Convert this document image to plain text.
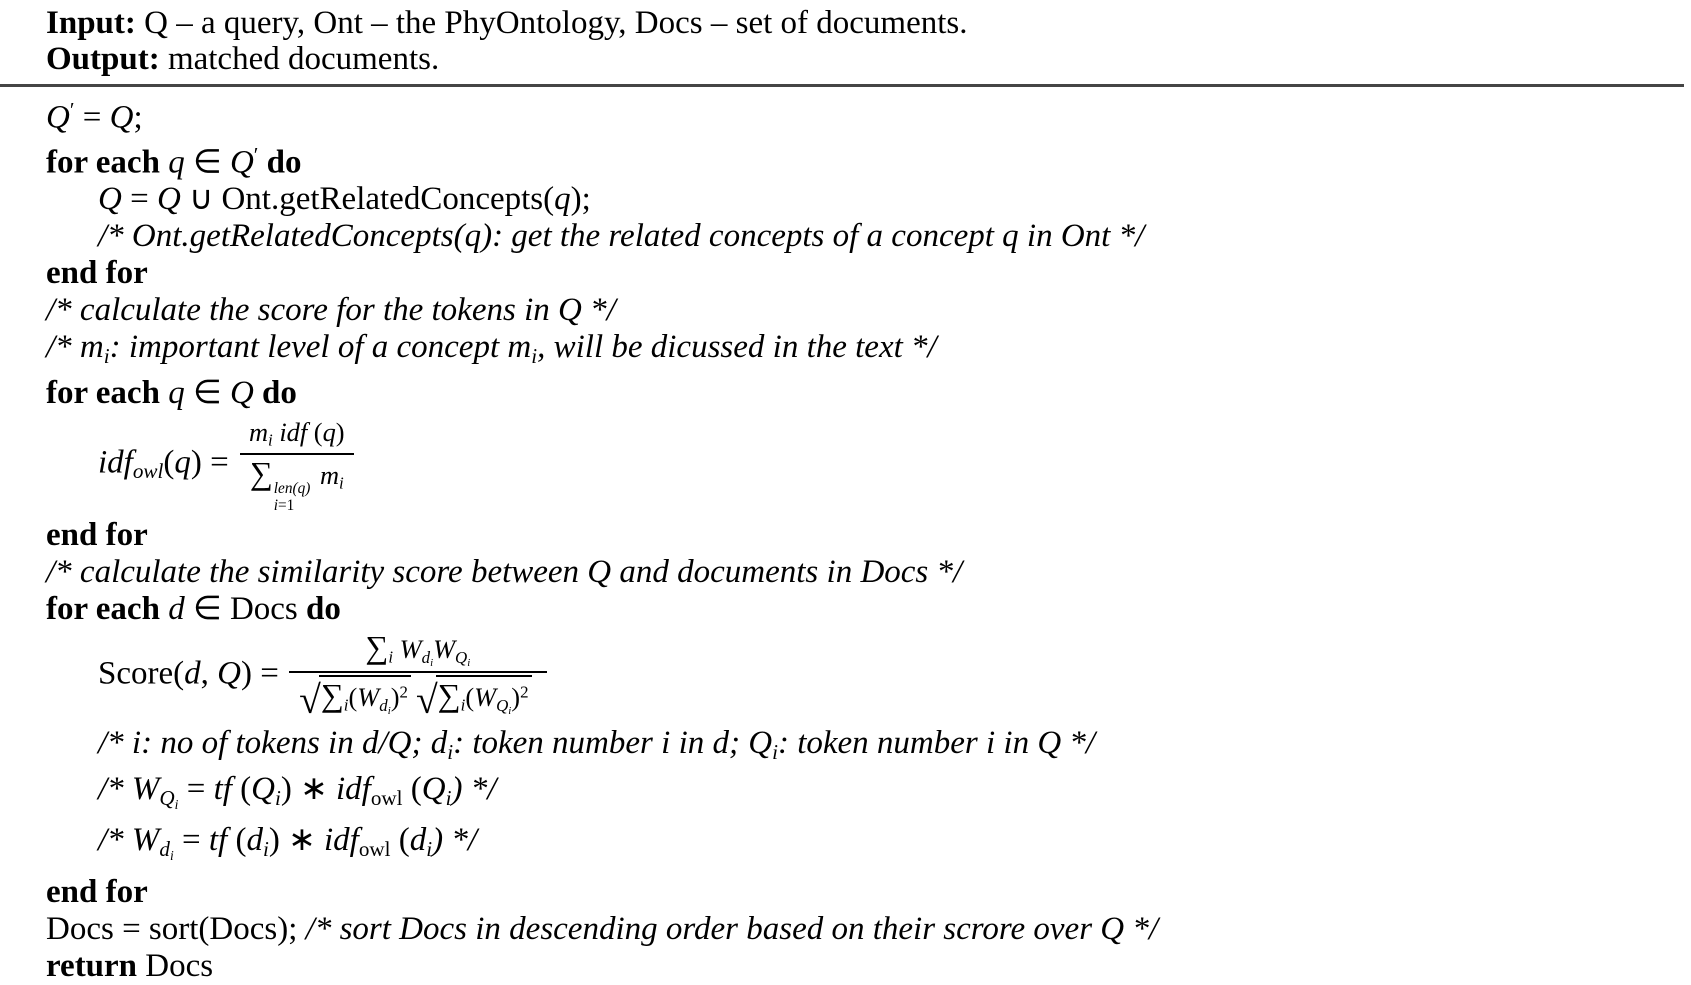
Input: Q – a query, Ont – the PhyOntology, Docs – set of documents.
Output: matched documents.
Q′ = Q;
for each q ∈ Q′ do
Q = Q ∪ Ont.getRelatedConcepts(q);
/* Ont.getRelatedConcepts(q): get the related concepts of a concept q in Ont */
end for
/* calculate the score for the tokens in Q */
/* $m_i$: important level of a concept $m_i$, will be dicussed in the text */
for each q ∈ Q do
$idf_{owl}(q) = m_i$ idf (q)
∑ len(q)
i=1
$m_i$
end for
/* calculate the similarity score between Q and documents in Docs */
for each d ∈ Docs do
Score(d, $Q) = \frac{\sum_i W_{d_i}W_{Q_i}}{√ \sum_i(W_{d_i})^2 √ \sum_i(W_{Q_i})^2}$
/* i: no of tokens in d/Q; $d_i$: token number i in d; $Q_i$: token number i in Q */
/* $W_{Q_i}$ = tf $(Q_i)$ ∗ idf$_{owl}$ $(Q_i)$ */
/* $W_{d_i}$ = tf $(d_i)$ ∗ idf$_{owl}$ $(d_i)$ */
end for
Docs = sort(Docs); /* sort Docs in descending order based on their scrore over Q */
return Docs
